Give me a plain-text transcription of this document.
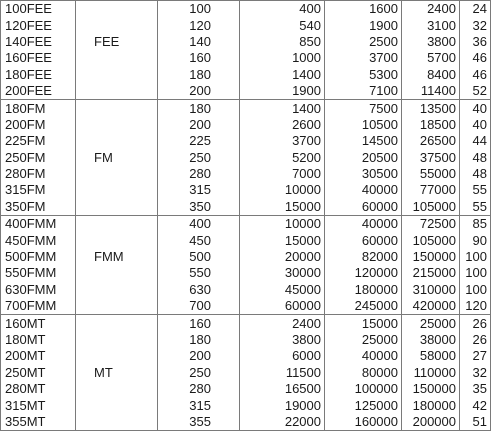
100FEE		100	400	1600	2400	24
120FEE		120	540	1900	3100	32
140FEE	FEE	140	850	2500	3800	36
160FEE		160	1000	3700	5700	46
180FEE		180	1400	5300	8400	46
200FEE		200	1900	7100	11400	52
180FM		180	1400	7500	13500	40
200FM		200	2600	10500	18500	40
225FM		225	3700	14500	26500	44
250FM	FM	250	5200	20500	37500	48
280FM		280	7000	30500	55000	48
315FM		315	10000	40000	77000	55
350FM		350	15000	60000	105000	55
400FMM		400	10000	40000	72500	85
450FMM		450	15000	60000	105000	90
500FMM	FMM	500	20000	82000	150000	100
550FMM		550	30000	120000	215000	100
630FMM		630	45000	180000	310000	100
700FMM		700	60000	245000	420000	120
160MT		160	2400	15000	25000	26
180MT		180	3800	25000	38000	26
200MT		200	6000	40000	58000	27
250MT	MT	250	11500	80000	110000	32
280MT		280	16500	100000	150000	35
315MT		315	19000	125000	180000	42
355MT		355	22000	160000	200000	51
